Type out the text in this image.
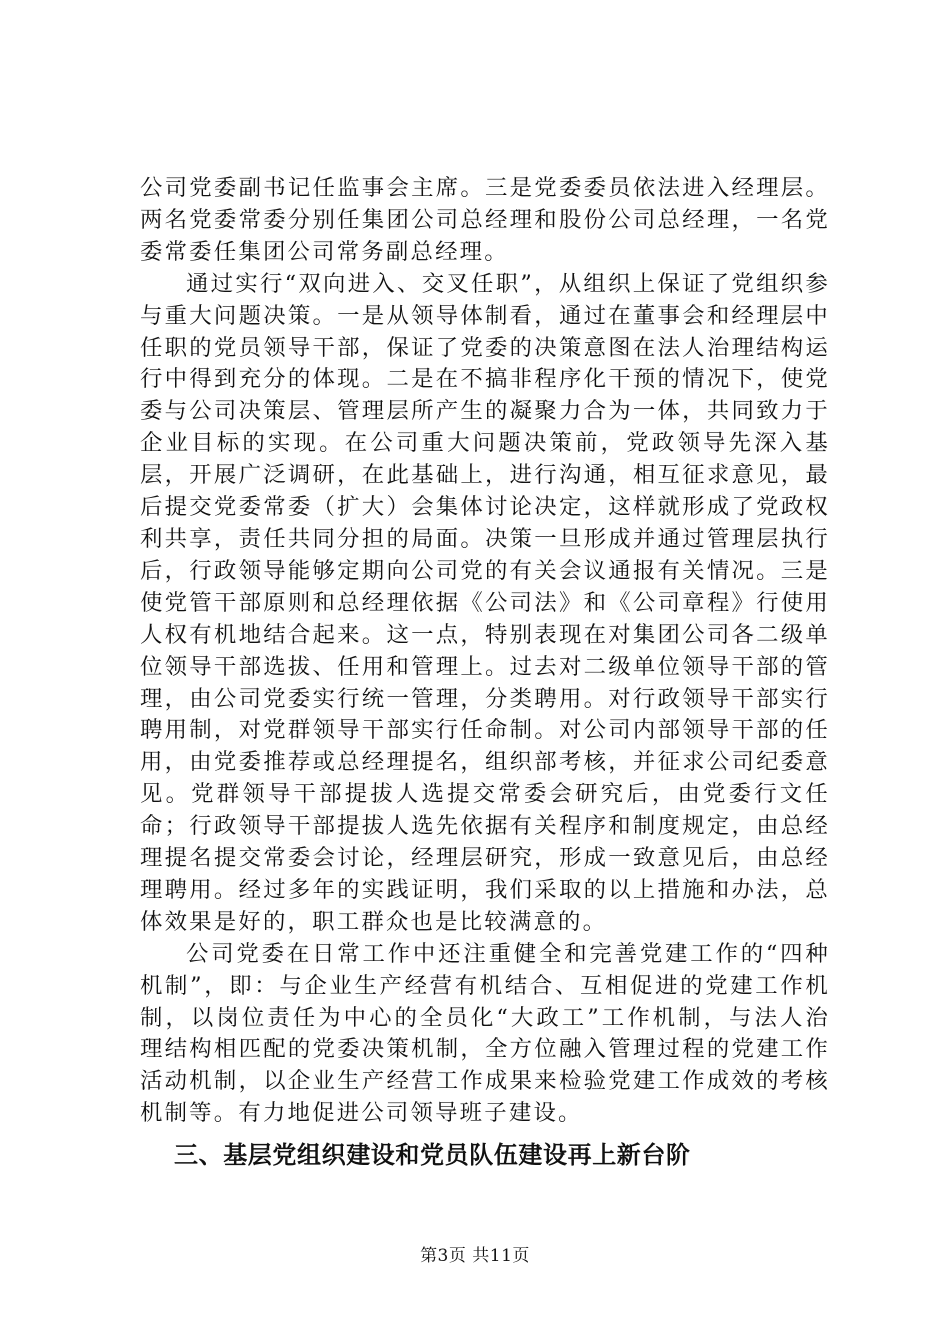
公司党委副书记任监事会主席。三是党委委员依法进入经理层。两名党委常委分别任集团公司总经理和股份公司总经理，一名党委常委任集团公司常务副总经理。

通过实行“双向进入、交叉任职”，从组织上保证了党组织参与重大问题决策。一是从领导体制看，通过在董事会和经理层中任职的党员领导干部，保证了党委的决策意图在法人治理结构运行中得到充分的体现。二是在不搞非程序化干预的情况下，使党委与公司决策层、管理层所产生的凝聚力合为一体，共同致力于企业目标的实现。在公司重大问题决策前，党政领导先深入基层，开展广泛调研，在此基础上，进行沟通，相互征求意见，最后提交党委常委（扩大）会集体讨论决定，这样就形成了党政权利共享，责任共同分担的局面。决策一旦形成并通过管理层执行后，行政领导能够定期向公司党的有关会议通报有关情况。三是使党管干部原则和总经理依据《公司法》和《公司章程》行使用人权有机地结合起来。这一点，特别表现在对集团公司各二级单位领导干部选拔、任用和管理上。过去对二级单位领导干部的管理，由公司党委实行统一管理，分类聘用。对行政领导干部实行聘用制，对党群领导干部实行任命制。对公司内部领导干部的任用，由党委推荐或总经理提名，组织部考核，并征求公司纪委意见。党群领导干部提拔人选提交常委会研究后，由党委行文任命；行政领导干部提拔人选先依据有关程序和制度规定，由总经理提名提交常委会讨论，经理层研究，形成一致意见后，由总经理聘用。经过多年的实践证明，我们采取的以上措施和办法，总体效果是好的，职工群众也是比较满意的。

公司党委在日常工作中还注重健全和完善党建工作的“四种机制”，即：与企业生产经营有机结合、互相促进的党建工作机制，以岗位责任为中心的全员化“大政工”工作机制，与法人治理结构相匹配的党委决策机制，全方位融入管理过程的党建工作活动机制，以企业生产经营工作成果来检验党建工作成效的考核机制等。有力地促进公司领导班子建设。

三、基层党组织建设和党员队伍建设再上新台阶
第3页 共11页
